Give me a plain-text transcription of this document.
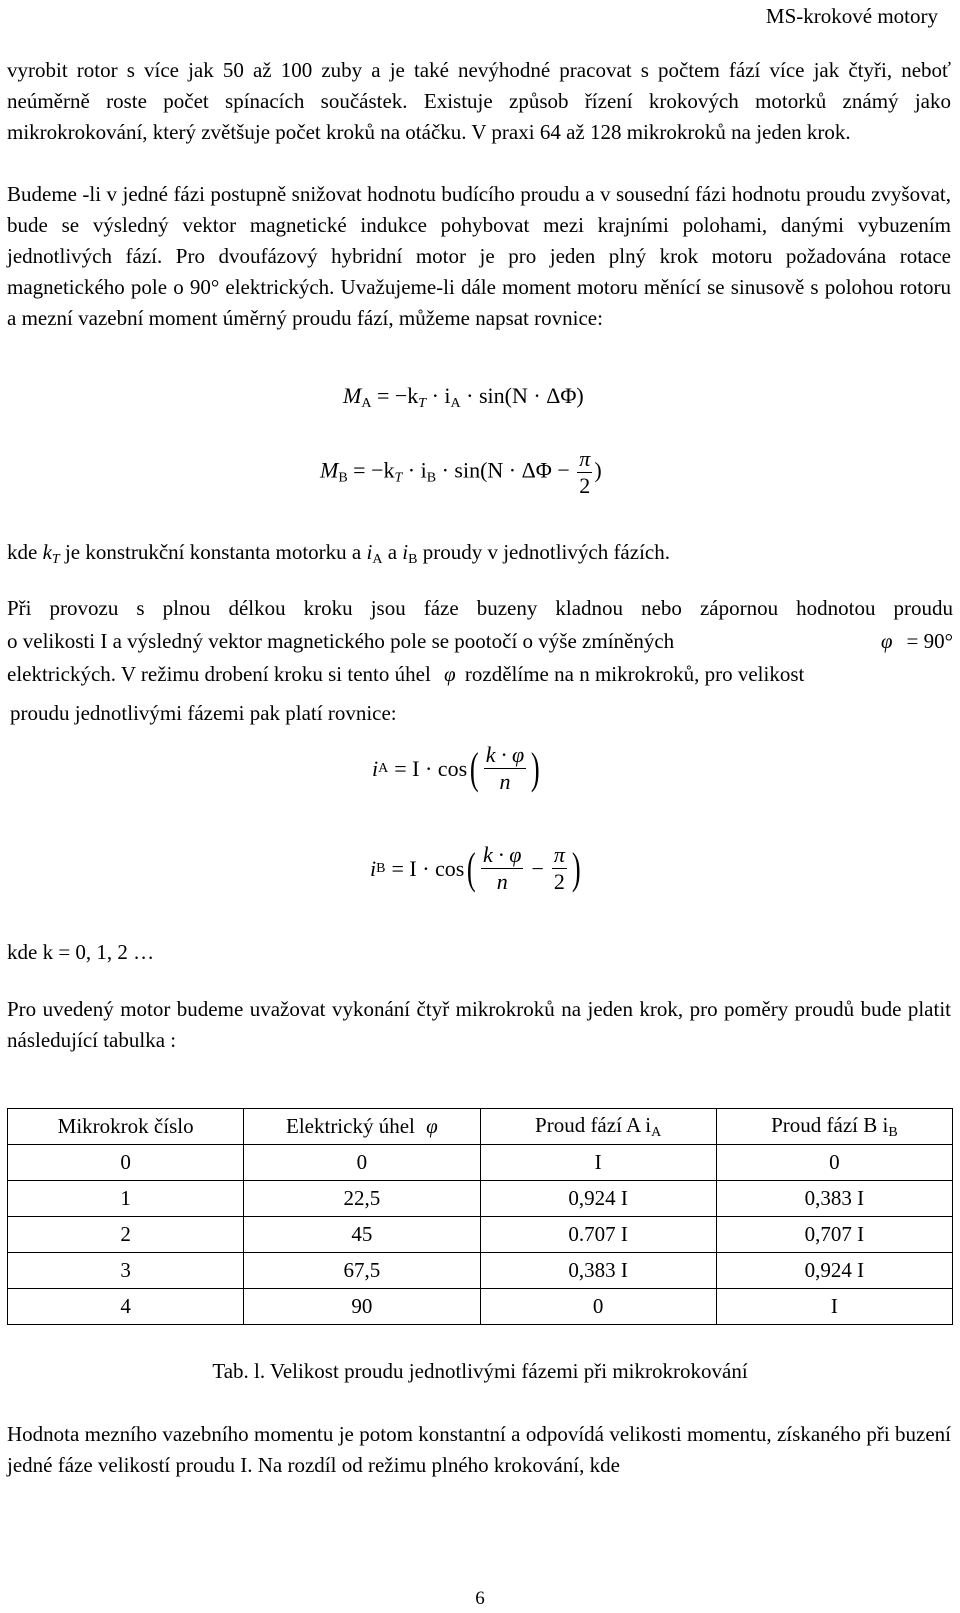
MS-krokové motory
vyrobit rotor s více jak 50 až 100 zuby a je také nevýhodné pracovat s počtem fází více jak čtyři, neboť neúměrně roste počet spínacích součástek. Existuje způsob řízení krokových motorků známý jako mikrokrokování, který zvětšuje počet kroků na otáčku. V praxi 64 až 128 mikrokroků na jeden krok.
Budeme -li v jedné fázi postupně snižovat hodnotu budícího proudu a v sousední fázi hodnotu proudu zvyšovat, bude se výsledný vektor magnetické indukce pohybovat mezi krajními polohami, danými vybuzením jednotlivých fází. Pro dvoufázový hybridní motor je pro jeden plný krok motoru požadována rotace magnetického pole o 90° elektrických. Uvažujeme-li dále moment motoru měnící se sinusově s polohou rotoru a mezní vazební moment úměrný proudu fází, můžeme napsat rovnice:
$M_A = -k_T \cdot i_A \cdot \sin(N \cdot \Delta\Phi)$
$M_B = -k_T \cdot i_B \cdot \sin(N \cdot \Delta\Phi - \frac{\pi}{2}$ )
kde $k_T$ je konstrukční konstanta motorku a $i_A$ a $i_B$ proudy v jednotlivých fázích.
Při provozu s plnou délkou kroku jsou fáze buzeny kladnou nebo zápornou hodnotou proudu
o velikosti I a výsledný vektor magnetického pole se pootočí o výše zmíněných	φ = 90°
elektrických. V režimu drobení kroku si tento úhel φ rozdělíme na n mikrokroků, pro velikost
proudu jednotlivými fázemi pak platí rovnice:
i A = I · cos ( $\frac{k \cdot \varphi}{n}$ )
i B = I · cos ( $\frac{k \cdot \varphi}{n} - \frac{\pi}{2}$ )
kde k = 0, 1, 2 …
Pro uvedený motor budeme uvažovat vykonání čtyř mikrokroků na jeden krok, pro poměry proudů bude platit následující tabulka :
Mikrokrok číslo	Elektrický úhel φ	Proud fází A $i_A$	Proud fází B $i_B$
0	0	I	0
1	22,5	0,924 I	0,383 I
2	45	0.707 I	0,707 I
3	67,5	0,383 I	0,924 I
4	90	0	I
Tab. l. Velikost proudu jednotlivými fázemi při mikrokrokování
Hodnota mezního vazebního momentu je potom konstantní a odpovídá velikosti momentu, získaného při buzení jedné fáze velikostí proudu I. Na rozdíl od režimu plného krokování, kde
6
